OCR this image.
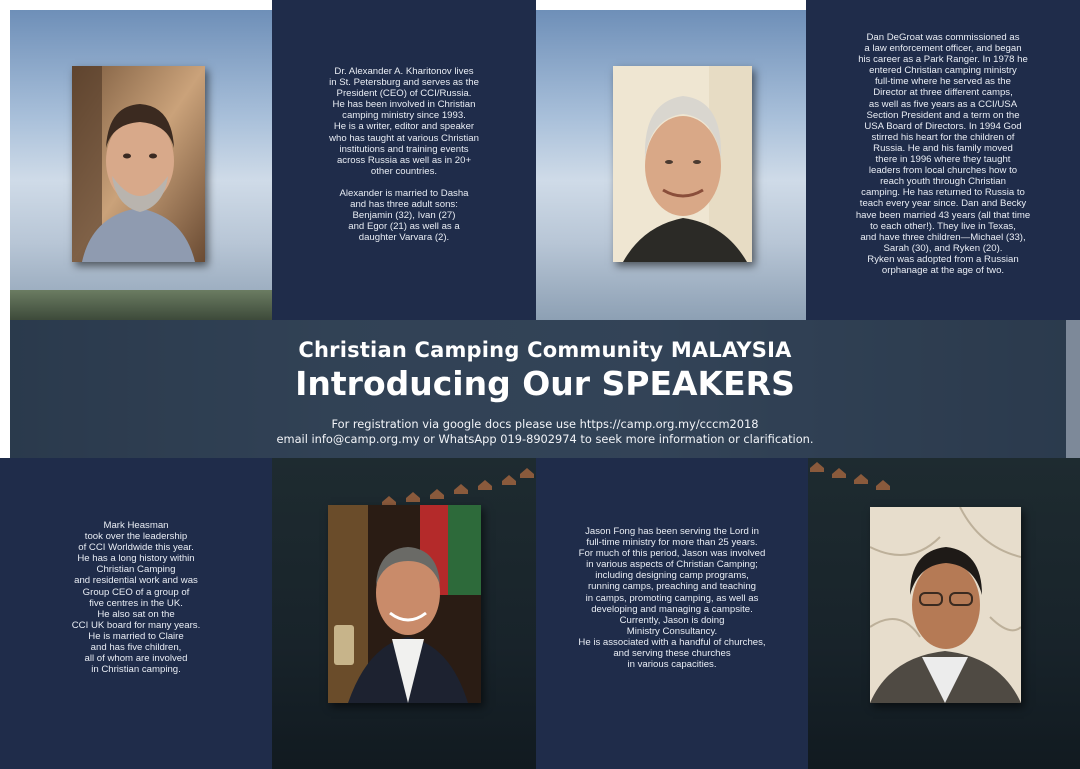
Dr. Alexander A. Kharitonov lives

in St. Petersburg and serves as the

President (CEO) of CCI/Russia.

He has been involved in Christian

camping ministry since 1993.

He is a writer, editor and speaker

who has taught at various Christian

institutions and training events

across Russia as well as in 20+

other countries.

Alexander is married to Dasha

and has three adult sons:

Benjamin (32), Ivan (27)

and Egor (21) as well as a

daughter Varvara (2).

Dan DeGroat was commissioned as

a law enforcement officer, and began

his career as a Park Ranger. In 1978 he

entered Christian camping ministry

full-time where he served as the

Director at three different camps,

as well as five years as a CCI/USA

Section President and a term on the

USA Board of Directors. In 1994 God

stirred his heart for the children of

Russia. He and his family moved

there in 1996 where they taught

leaders from local churches how to

reach youth through Christian

camping. He has returned to Russia to

teach every year since. Dan and Becky

have been married 43 years (all that time

to each other!). They live in Texas,

and have three children—Michael (33),

Sarah (30), and Ryken (20).

Ryken was adopted from a Russian

orphanage at the age of two.

Mark Heasman

took over the leadership

of CCI Worldwide this year.

He has a long history within

Christian Camping

and residential work and was

Group CEO of a group of

five centres in the UK.

He also sat on the

CCI UK board for many years.

He is married to Claire

and has five children,

all of whom are involved

in Christian camping.

Jason Fong has been serving the Lord in

full-time ministry for more than 25 years.

For much of this period, Jason was involved

in various aspects of Christian Camping;

including designing camp programs,

running camps, preaching and teaching

in camps, promoting camping, as well as

developing and managing a campsite.

Currently, Jason is doing

Ministry Consultancy.

He is associated with a handful of churches,

and serving these churches

in various capacities.

Christian Camping Community MALAYSIA
Introducing Our SPEAKERS
For registration via google docs please use https://camp.org.my/cccm2018
email info@camp.org.my or WhatsApp 019-8902974 to seek more information or clarification.
